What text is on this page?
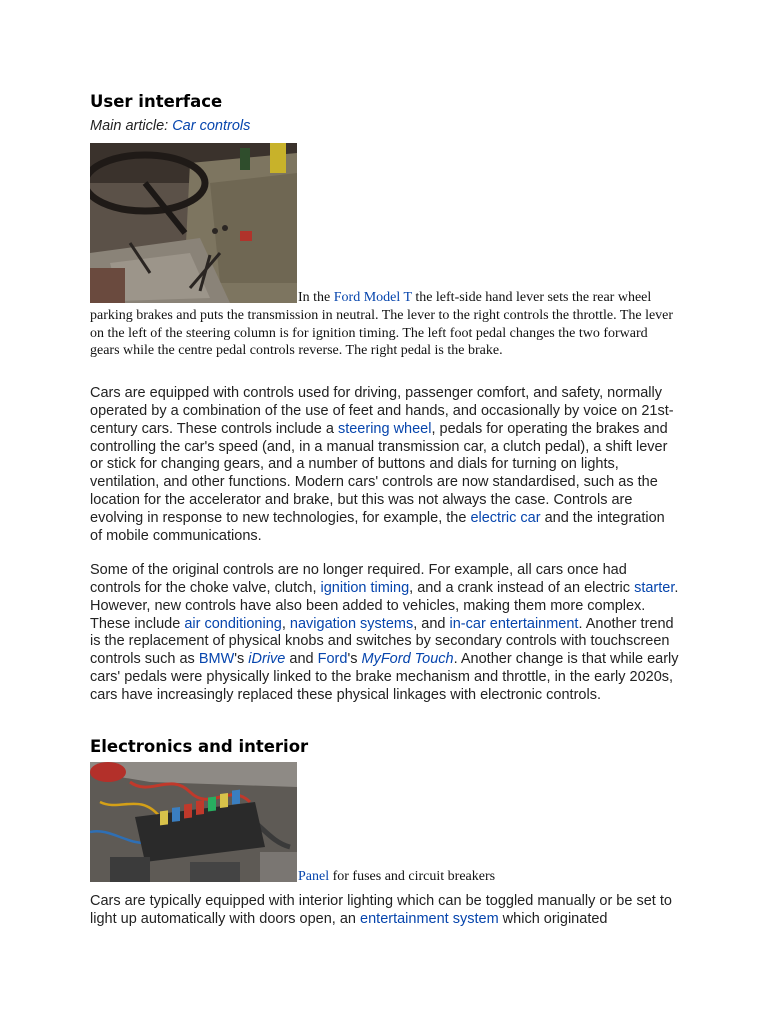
User interface
Main article: Car controls
In the Ford Model T the left-side hand lever sets the rear wheel parking brakes and puts the transmission in neutral. The lever to the right controls the throttle. The lever on the left of the steering column is for ignition timing. The left foot pedal changes the two forward gears while the centre pedal controls reverse. The right pedal is the brake.

Cars are equipped with controls used for driving, passenger comfort, and safety, normally operated by a combination of the use of feet and hands, and occasionally by voice on 21st-century cars. These controls include a steering wheel, pedals for operating the brakes and controlling the car's speed (and, in a manual transmission car, a clutch pedal), a shift lever or stick for changing gears, and a number of buttons and dials for turning on lights, ventilation, and other functions. Modern cars' controls are now standardised, such as the location for the accelerator and brake, but this was not always the case. Controls are evolving in response to new technologies, for example, the electric car and the integration of mobile communications.

Some of the original controls are no longer required. For example, all cars once had controls for the choke valve, clutch, ignition timing, and a crank instead of an electric starter. However, new controls have also been added to vehicles, making them more complex. These include air conditioning, navigation systems, and in-car entertainment. Another trend is the replacement of physical knobs and switches by secondary controls with touchscreen controls such as BMW's iDrive and Ford's MyFord Touch. Another change is that while early cars' pedals were physically linked to the brake mechanism and throttle, in the early 2020s, cars have increasingly replaced these physical linkages with electronic controls.

Electronics and interior
Panel for fuses and circuit breakers

Cars are typically equipped with interior lighting which can be toggled manually or be set to light up automatically with doors open, an entertainment system which originated
